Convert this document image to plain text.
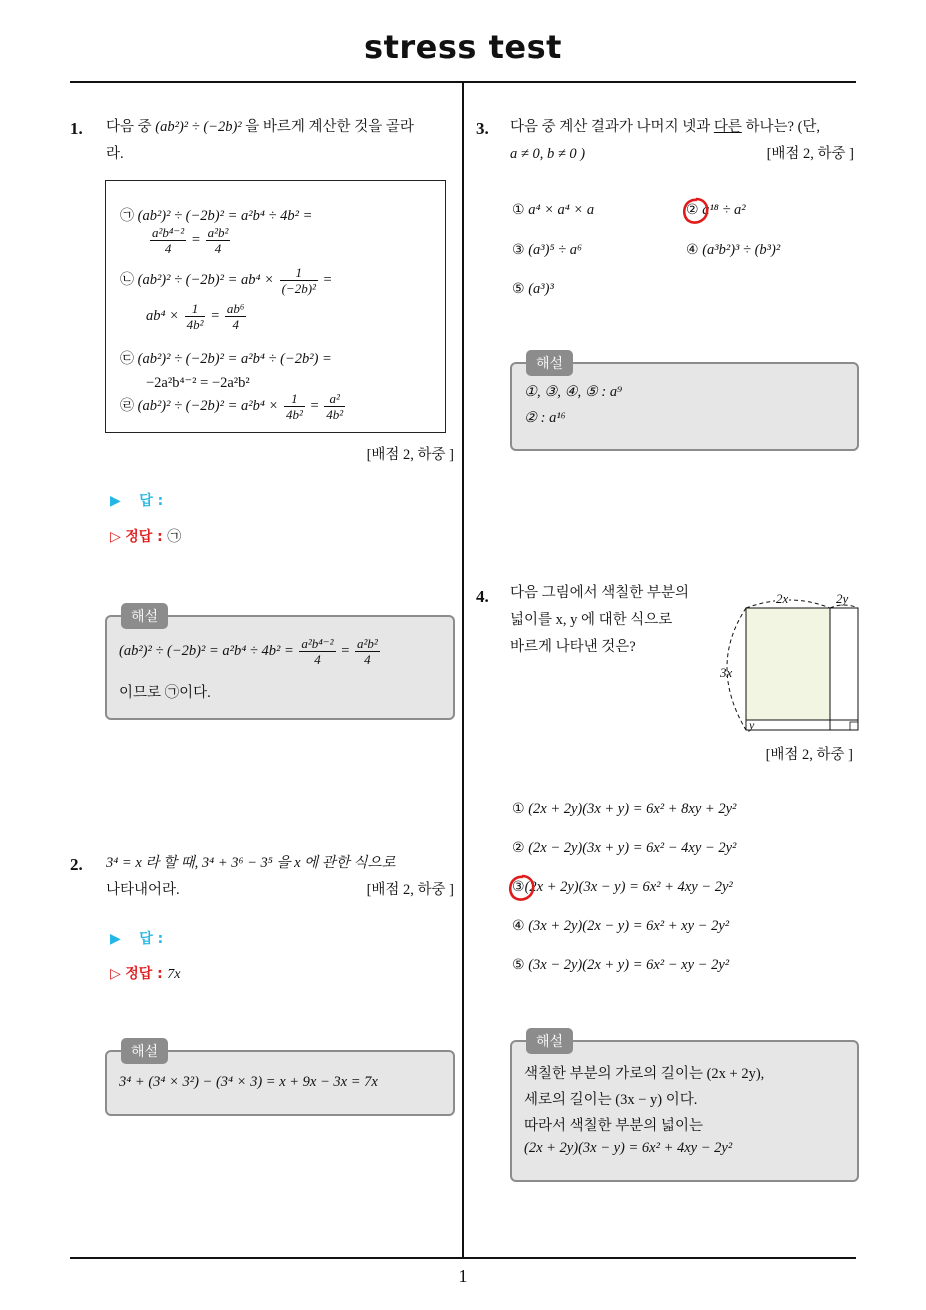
stress test
1
1. 다음 중 (ab²)² ÷ (−2b)² 을 바르게 계산한 것을 골라
라.
㉠ (ab²)² ÷ (−2b)² = a²b⁴ ÷ 4b² =
$\frac{\text{a²b⁴⁻²}}{4} = \frac{\text{a²b²}}{4}$
㉡ $(ab^2)^2 \div (-2b)^2 = ab^4 \times \frac{1}{\text{(−2b)²}}$ =
$ab^4 \times \frac{1}{\text{4b²}} = \frac{\text{ab⁶}}{4}$
㉢ (ab²)² ÷ (−2b)² = a²b⁴ ÷ (−2b²) =
−2a²b⁴⁻² = −2a²b²
㉣ $(ab^2)^2 \div (-2b)^2 = a^2b^4 \times \frac{1}{\text{4b²}} = \frac{\text{a²}}{\text{4b²}}$
[배점 2, 하중 ]
▶ 답 :
▷ 정답 : ㉠
해설
$(ab^2)^2 \div (-2b)^2 = a^2b^4 \div 4b^2 = \frac{\text{a²b⁴⁻²}}{4} = \frac{\text{a²b²}}{4}$
이므로 ㉠이다.
2. 3⁴ = x 라 할 때, 3⁴ + 3⁶ − 3⁵ 을 x 에 관한 식으로
나타내어라.	[배점 2, 하중 ]
▶ 답 :
▷ 정답 : 7x
해설
3⁴ + (3⁴ × 3²) − (3⁴ × 3) = x + 9x − 3x = 7x
3. 다음 중 계산 결과가 나머지 넷과 다른 하나는? (단,
a ≠ 0, b ≠ 0 )	[배점 2, 하중 ]
① a⁴ × a⁴ × a	② a¹⁸ ÷ a²
③ (a³)⁵ ÷ a⁶	④ (a³b²)³ ÷ (b³)²
⑤ (a³)³
해설
①, ③, ④, ⑤ : a⁹
② : a¹⁶
4. 다음 그림에서 색칠한 부분의
넓이를 x, y 에 대한 식으로
바르게 나타낸 것은?
2x	2y
3x
y
[배점 2, 하중 ]
① (2x + 2y)(3x + y) = 6x² + 8xy + 2y²
② (2x − 2y)(3x + y) = 6x² − 4xy − 2y²
③(2x + 2y)(3x − y) = 6x² + 4xy − 2y²
④ (3x + 2y)(2x − y) = 6x² + xy − 2y²
⑤ (3x − 2y)(2x + y) = 6x² − xy − 2y²
해설
색칠한 부분의 가로의 길이는 (2x + 2y),
세로의 길이는 (3x − y) 이다.
따라서 색칠한 부분의 넓이는
(2x + 2y)(3x − y) = 6x² + 4xy − 2y²
